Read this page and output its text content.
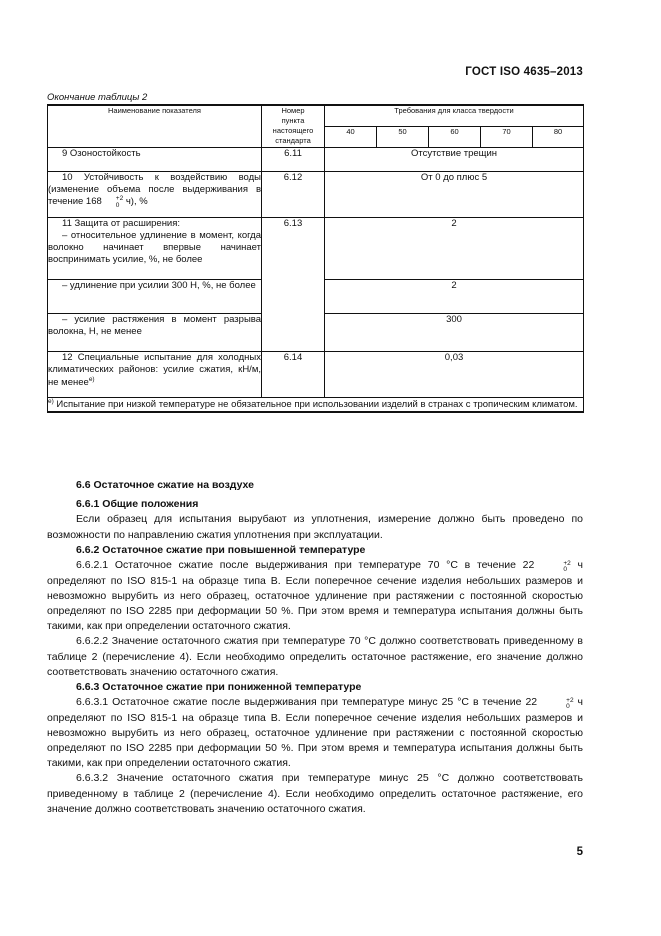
ГОСТ ISO 4635–2013
Окончание таблицы 2
Наименование показателя	Номер
пункта
настоящего
стандарта	Требования для класса твердости				
		40	50	60	70	80

9 Озоностойкость	6.11	Отсутствие трещин				

10 Устойчивость к воздействию воды (изменение объема после выдерживания в течение 168 +2
0 ч), %	6.12	От 0 до плюс 5				

11 Защита от расширения:
– относительное удлинение в момент, когда волокно начинает впервые начинает воспринимать усилие, %, не более	6.13	2				

– удлинение при усилии 300 Н, %, не более		2				

– усилие растяжения в момент разрыва волокна, Н, не менее		300				

12 Специальные испытание для холодных климатических районов: усилие сжатия, кН/м, не менее$^{e)}$	6.14	0,03				
$^{e)}$ Испытание при низкой температуре не обязательное при использовании изделий в странах с тропическим климатом.						

6.6 Остаточное сжатие на воздухе

6.6.1 Общие положения

Если образец для испытания вырубают из уплотнения, измерение должно быть проведено по возможности по направлению сжатия уплотнения при эксплуатации.

6.6.2 Остаточное сжатие при повышенной температуре

6.6.2.1 Остаточное сжатие после выдерживания при температуре 70 °С в течение 22	+2
0 ч определяют по ISO 815-1 на образце типа В. Если поперечное сечение изделия небольших размеров и невозможно вырубить из него образец, остаточное удлинение при растяжении с постоянной скоростью определяют по ISO 2285 при деформации 50 %. При этом время и температура испытания должны быть такими, как при определении остаточного сжатия.

6.6.2.2 Значение остаточного сжатия при температуре 70 °С должно соответствовать приведенному в таблице 2 (перечисление 4). Если необходимо определить остаточное растяжение, его значение должно соответствовать значению остаточного сжатия.

6.6.3 Остаточное сжатие при пониженной температуре

6.6.3.1 Остаточное сжатие после выдерживания при температуре минус 25 °С в течение 22	+2
0 ч определяют по ISO 815-1 на образце типа В. Если поперечное сечение изделия небольших размеров и невозможно вырубить из него образец, остаточное удлинение при растяжении с постоянной скоростью определяют по ISO 2285 при деформации 50 %. При этом время и температура испытания должны быть такими, как при определении остаточного сжатия.

6.6.3.2 Значение остаточного сжатия при температуре минус 25 °С должно соответствовать приведенному в таблице 2 (перечисление 4). Если необходимо определить остаточное растяжение, его значение должно соответствовать значению остаточного сжатия.

5
